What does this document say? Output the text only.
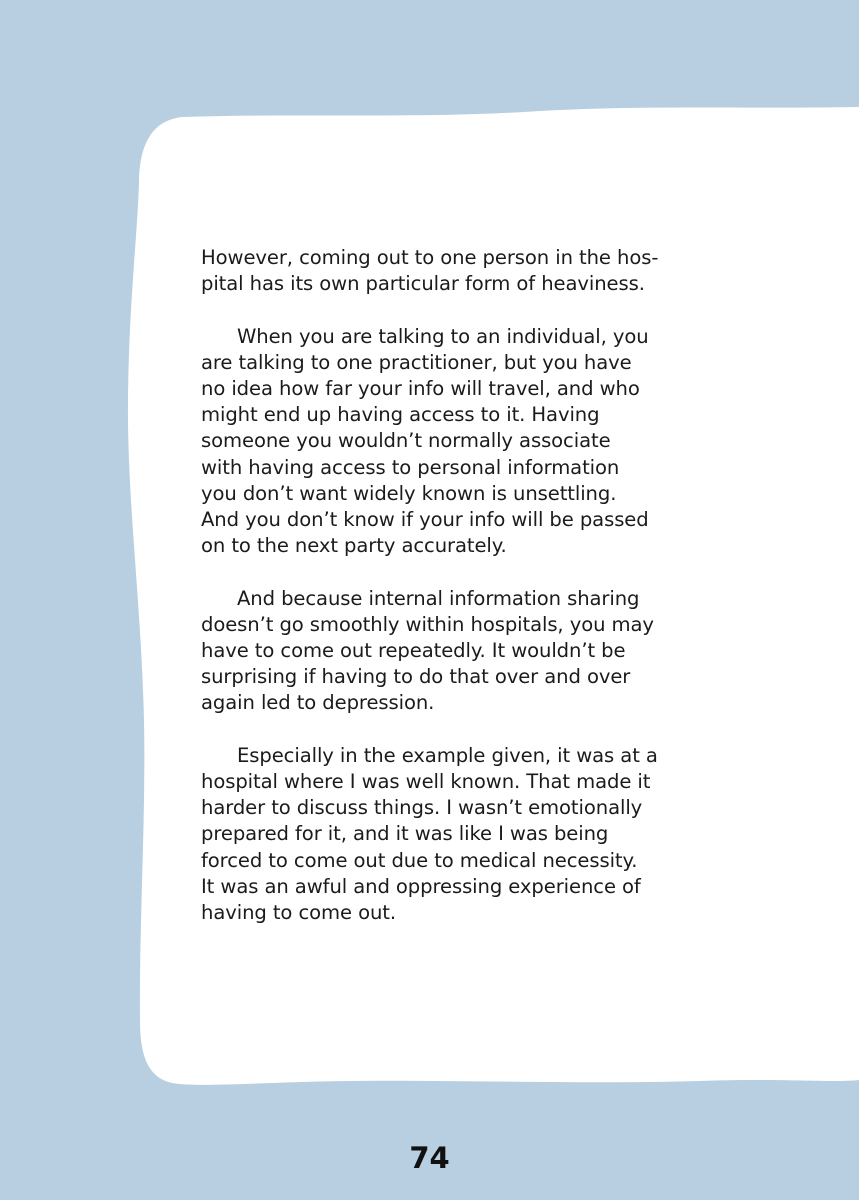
However, coming out to one person in the hos-
pital has its own particular form of heaviness.
When you are talking to an individual, you
are talking to one practitioner, but you have
no idea how far your info will travel, and who
might end up having access to it. Having
someone you wouldn’t normally associate
with having access to personal information
you don’t want widely known is unsettling.
And you don’t know if your info will be passed
on to the next party accurately.
And because internal information sharing
doesn’t go smoothly within hospitals, you may
have to come out repeatedly. It wouldn’t be
surprising if having to do that over and over
again led to depression.
Especially in the example given, it was at a
hospital where I was well known. That made it
harder to discuss things. I wasn’t emotionally
prepared for it, and it was like I was being
forced to come out due to medical necessity.
It was an awful and oppressing experience of
having to come out.
74
